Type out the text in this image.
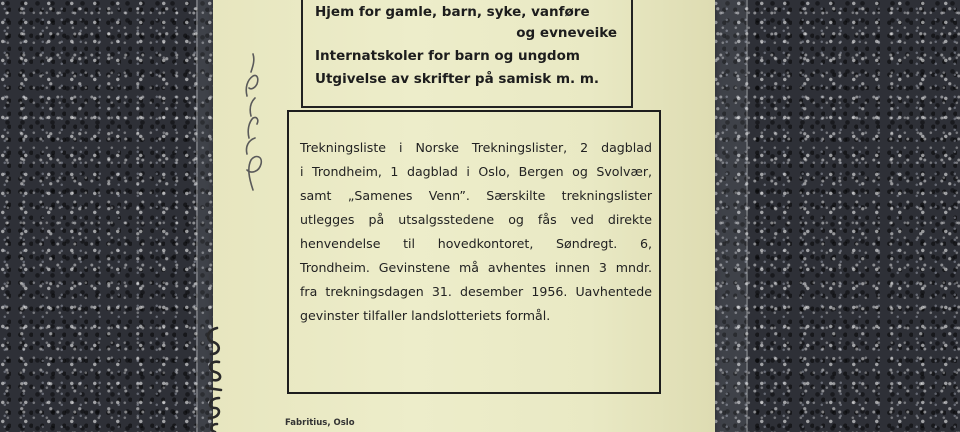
Hjem for gamle, barn, syke, vanføre
og evneveike
Internatskoler for barn og ungdom
Utgivelse av skrifter på samisk m. m.
Trekningsliste i Norske Trekningslister, 2 dagblad
i Trondheim, 1 dagblad i Oslo, Bergen og Svolvær,
samt „Samenes Venn”. Særskilte trekningslister
utlegges på utsalgsstedene og fås ved direkte
henvendelse til hovedkontoret, Søndregt. 6,
Trondheim. Gevinstene må avhentes innen 3 mndr.
fra trekningsdagen 31. desember 1956. Uavhentede
gevinster tilfaller landslotteriets formål.
Fabritius, Oslo
